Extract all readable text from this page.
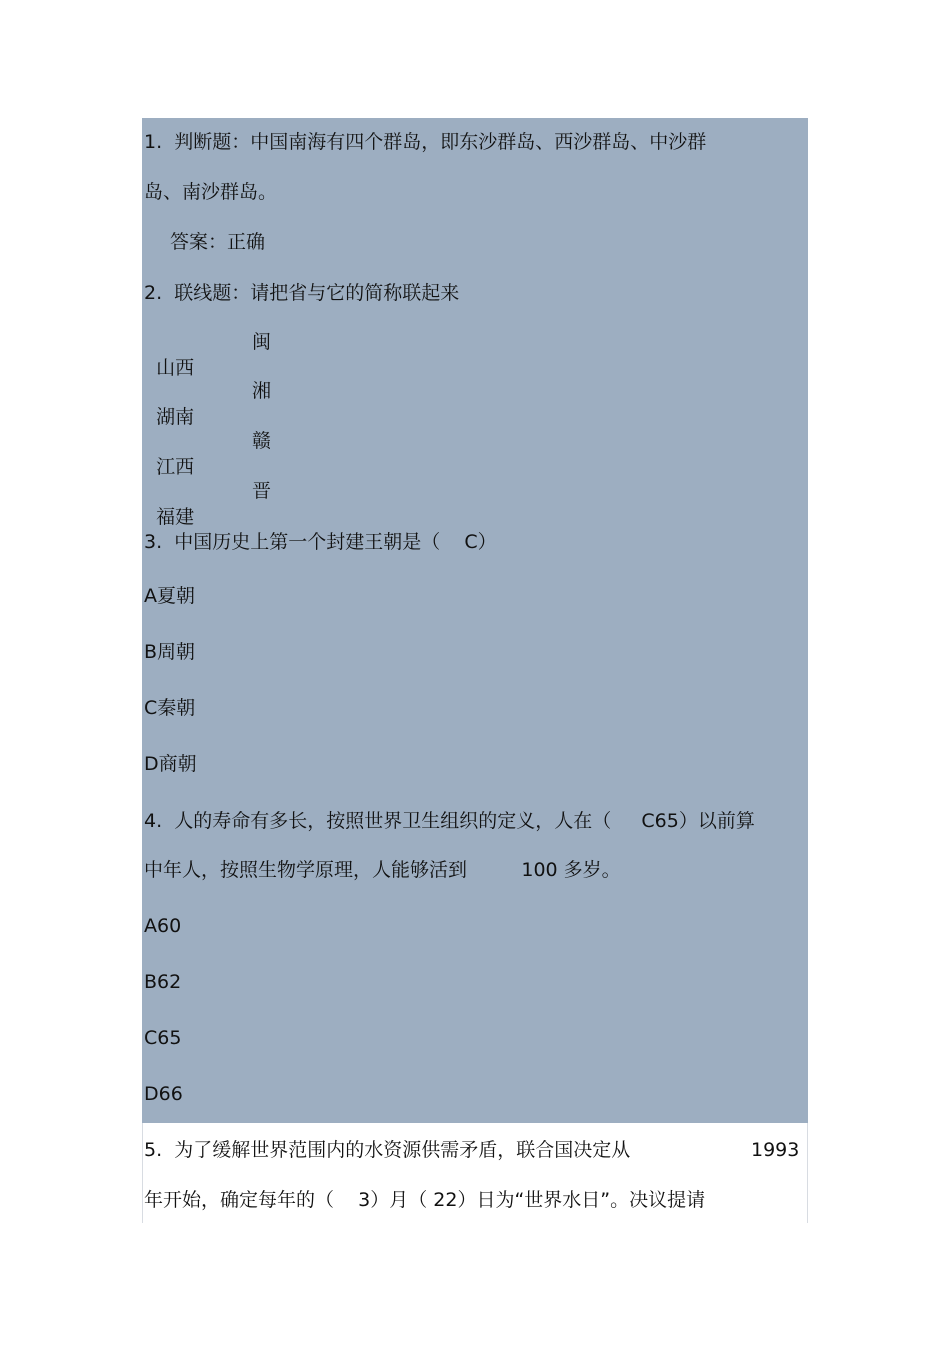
1.  判断题：中国南海有四个群岛，即东沙群岛、西沙群岛、中沙群
岛、南沙群岛。
答案：正确
2.  联线题：请把省与它的简称联起来

山西

闽

湖南

湘

江西

赣

福建

晋

3.  中国历史上第一个封建王朝是（    C）
A夏朝
B周朝
C秦朝
D商朝
4.  人的寿命有多长，按照世界卫生组织的定义，人在（     C65）以前算
中年人，按照生物学原理，人能够活到         100 多岁。
A60
B62
C65
D66
5.  为了缓解世界范围内的水资源供需矛盾，联合国决定从	1993
年开始，确定每年的（    3）月（ 22）日为“世界水日”。决议提请
